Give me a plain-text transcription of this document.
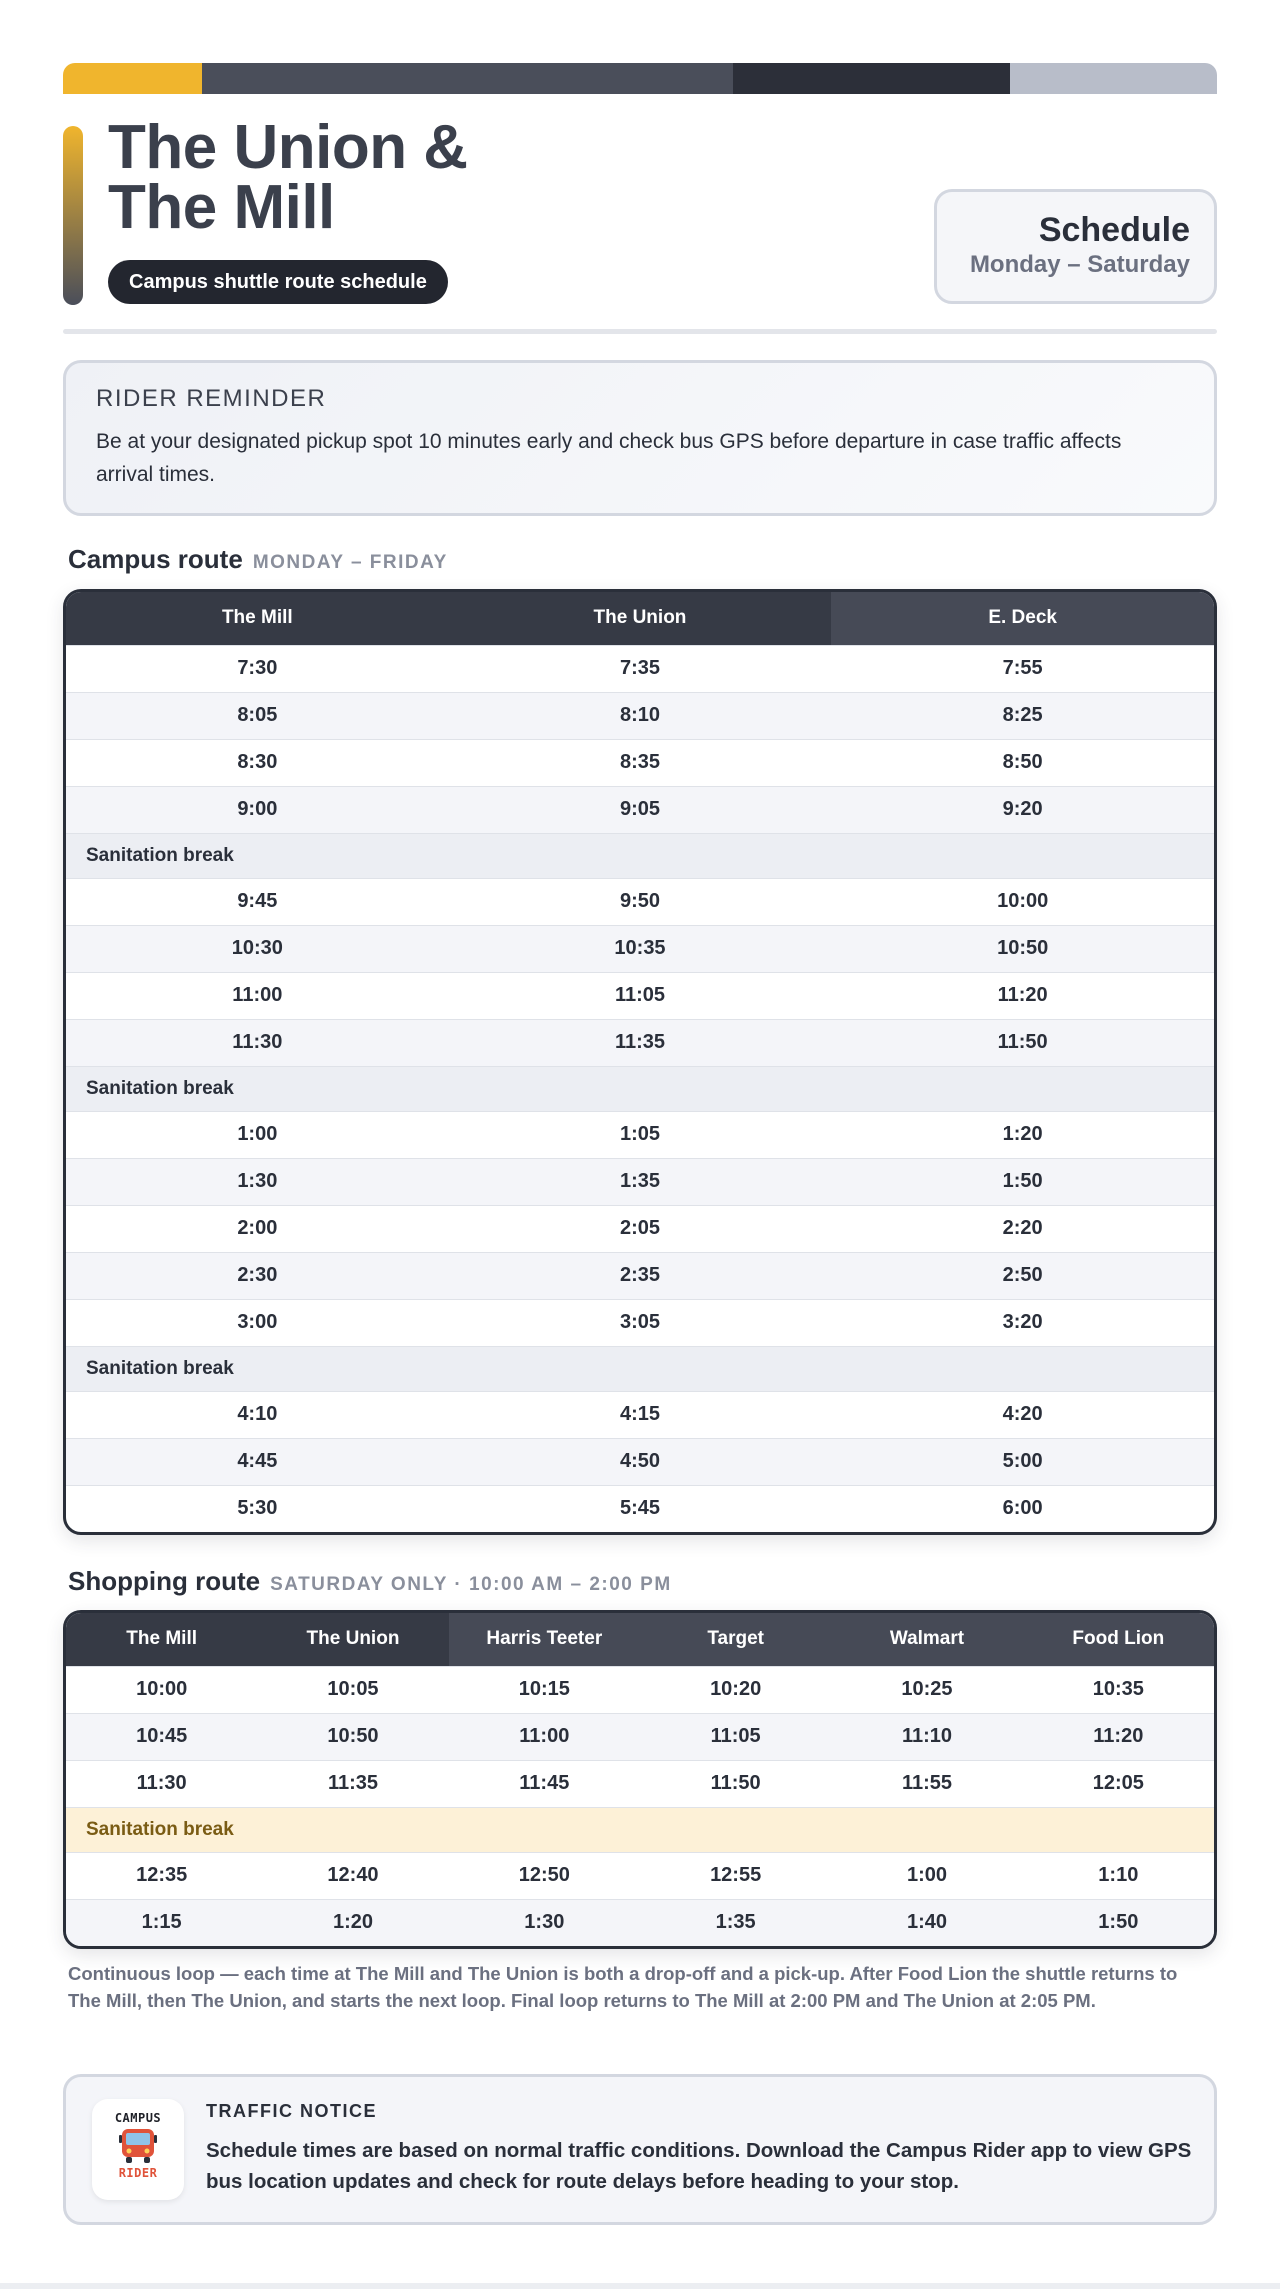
The Union &
The Mill
Campus shuttle route schedule
Schedule
Monday – Saturday
RIDER REMINDER
Be at your designated pickup spot 10 minutes early and check bus GPS before departure in case traffic affects arrival times.
Campus route MONDAY – FRIDAY
The Mill	The Union	E. Deck
7:30	7:35	7:55
8:05	8:10	8:25
8:30	8:35	8:50
9:00	9:05	9:20
Sanitation break		
9:45	9:50	10:00
10:30	10:35	10:50
11:00	11:05	11:20
11:30	11:35	11:50
Sanitation break		
1:00	1:05	1:20
1:30	1:35	1:50
2:00	2:05	2:20
2:30	2:35	2:50
3:00	3:05	3:20
Sanitation break		
4:10	4:15	4:20
4:45	4:50	5:00
5:30	5:45	6:00
Shopping route SATURDAY ONLY · 10:00 AM – 2:00 PM
The Mill	The Union	Harris Teeter	Target	Walmart	Food Lion
10:00	10:05	10:15	10:20	10:25	10:35
10:45	10:50	11:00	11:05	11:10	11:20
11:30	11:35	11:45	11:50	11:55	12:05
Sanitation break					
12:35	12:40	12:50	12:55	1:00	1:10
1:15	1:20	1:30	1:35	1:40	1:50
Continuous loop — each time at The Mill and The Union is both a drop-off and a pick-up. After Food Lion the shuttle returns to The Mill, then The Union, and starts the next loop. Final loop returns to The Mill at 2:00 PM and The Union at 2:05 PM.
CAMPUS
RIDER
TRAFFIC NOTICE
Schedule times are based on normal traffic conditions. Download the Campus Rider app to view GPS bus location updates and check for route delays before heading to your stop.
